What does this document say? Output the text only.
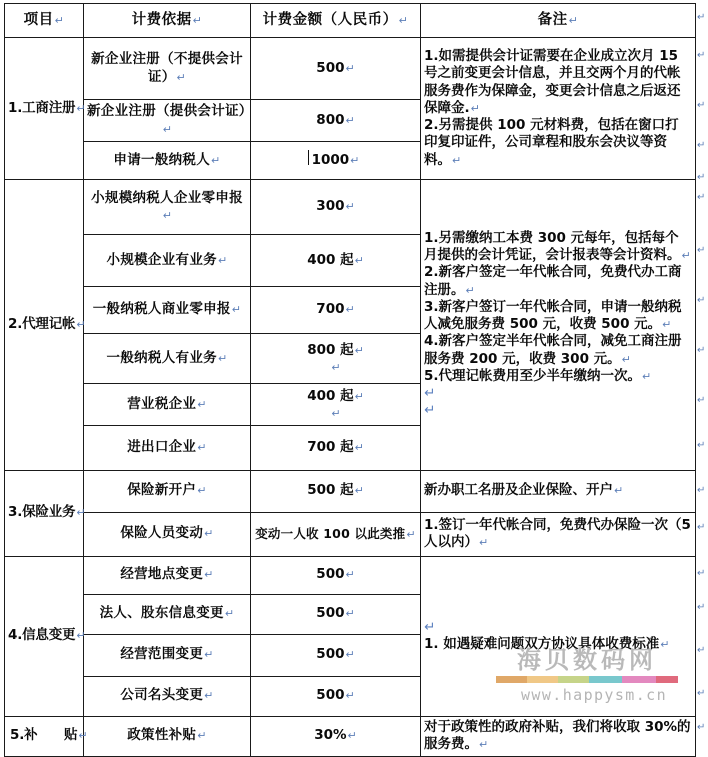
项目↵	计费依据↵	计费金额（人民币）↵	备注↵
1.工商注册↵	新企业注册（不提供会计证）↵	500↵	1.如需提供会计证需要在企业成立次月 15 号之前变更会计信息，并且交两个月的代帐服务费作为保障金，变更会计信息之后返还保障金.↵
2.另需提供 100 元材料费，包括在窗口打印复印证件，公司章程和股东会决议等资料。↵

	新企业注册（提供会计证）↵	800↵	
	申请一般纳税人↵	1000↵	
2.代理记帐↵	小规模纳税人企业零申报↵	300↵	
1.另需缴纳工本费 300 元每年，包括每个月提供的会计凭证，会计报表等会计资料。↵
2.新客户签定一年代帐合同，免费代办工商注册。↵
3.新客户签订一年代帐合同，申请一般纳税人减免服务费 500 元，收费 500 元。↵
4.新客户签定半年代帐合同，减免工商注册服务费 200 元，收费 300 元。↵
5.代理记帐费用至少半年缴纳一次。↵
↵
↵

	小规模企业有业务↵	400 起↵	
	一般纳税人商业零申报↵	700↵	
	一般纳税人有业务↵	800 起↵
↵	
	营业税企业↵	400 起↵
↵	
	进出口企业↵	700 起↵	
3.保险业务↵	保险新开户↵	500 起↵	新办职工名册及企业保险、开户↵

	保险人员变动↵	变动一人收 100 以此类推↵	1.签订一年代帐合同，免费代办保险一次（5 人以内）↵

4.信息变更↵	经营地点变更↵	500↵	↵
1. 如遇疑难问题双方协议具体收费标准↵

	法人、股东信息变更↵	500↵	
	经营范围变更↵	500↵	
	公司名头变更↵	500↵	
5.补　　贴↵	政策性补贴↵	30%↵	对于政策性的政府补贴，我们将收取 30%的服务费。↵
↵
↵
↵
↵
↵
↵
↵
↵
↵
↵
↵
↵
↵
↵
↵
↵
↵
↵
海贝数码网
www.happysm.cn
